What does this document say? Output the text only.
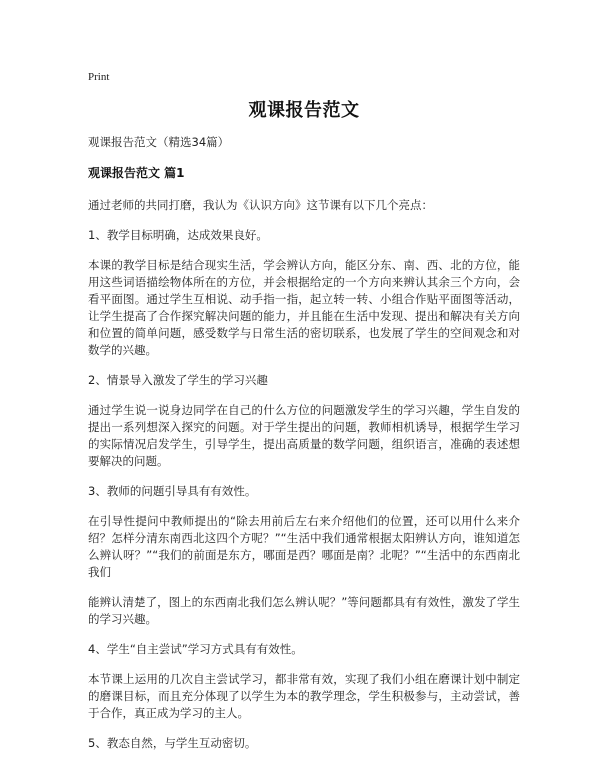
Print
观课报告范文
观课报告范文（精选34篇）
观课报告范文 篇1

通过老师的共同打磨，我认为《认识方向》这节课有以下几个亮点：

1、教学目标明确，达成效果良好。

本课的教学目标是结合现实生活，学会辨认方向，能区分东、南、西、北的方位，能用这些词语描绘物体所在的方位，并会根据给定的一个方向来辨认其余三个方向，会看平面图。通过学生互相说、动手指一指，起立转一转、小组合作贴平面图等活动，让学生提高了合作探究解决问题的能力，并且能在生活中发现、提出和解决有关方向和位置的简单问题，感受数学与日常生活的密切联系，也发展了学生的空间观念和对数学的兴趣。

2、情景导入激发了学生的学习兴趣

通过学生说一说身边同学在自己的什么方位的问题激发学生的学习兴趣，学生自发的提出一系列想深入探究的问题。对于学生提出的问题，教师相机诱导，根据学生学习的实际情况启发学生，引导学生，提出高质量的数学问题，组织语言，准确的表述想要解决的问题。

3、教师的问题引导具有有效性。

在引导性提问中教师提出的“除去用前后左右来介绍他们的位置，还可以用什么来介绍？怎样分清东南西北这四个方呢？”“生活中我们通常根据太阳辨认方向，谁知道怎么辨认呀？”“我们的前面是东方，哪面是西？哪面是南？北呢？”“生活中的东西南北我们

能辨认清楚了，图上的东西南北我们怎么辨认呢？”等问题都具有有效性，激发了学生的学习兴趣。

4、学生“自主尝试”学习方式具有有效性。

本节课上运用的几次自主尝试学习，都非常有效，实现了我们小组在磨课计划中制定的磨课目标，而且充分体现了以学生为本的教学理念，学生积极参与，主动尝试，善于合作，真正成为学习的主人。

5、教态自然，与学生互动密切。
